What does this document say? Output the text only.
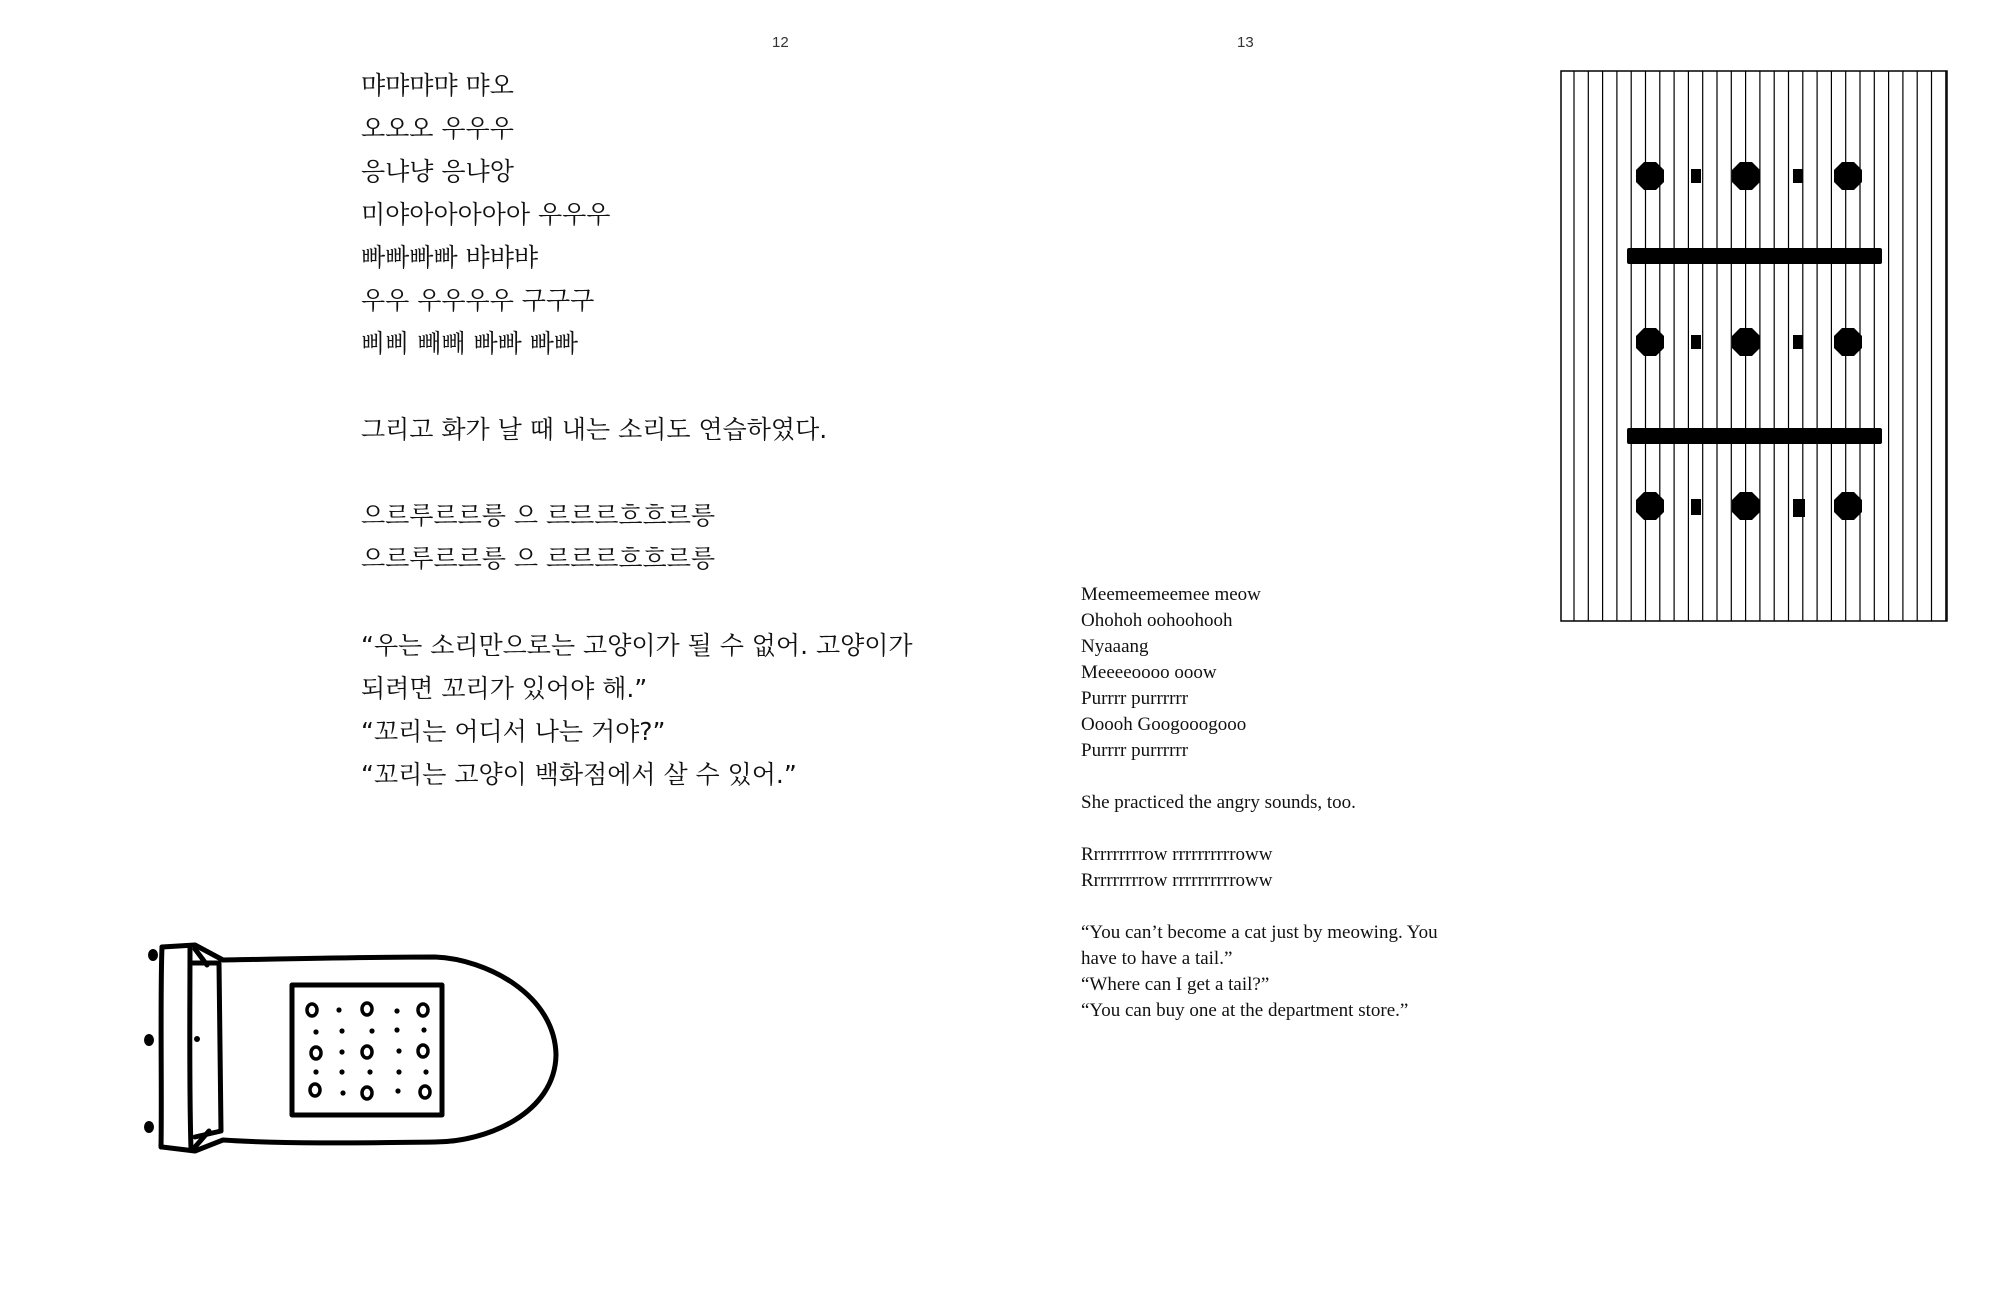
12	13
먀먀먀먀 먀오
오오오 우우우
응냐냥 응냐앙
미야아아아아아 우우우
빠빠빠빠 뱌뱌뱌
우우 우우우우 구구구
삐삐 빼빼 빠빠 빠빠
그리고 화가 날 때 내는 소리도 연습하였다.
으르루르르릉 으 르르르흐흐르릉
으르루르르릉 으 르르르흐흐르릉
“우는 소리만으로는 고양이가 될 수 없어. 고양이가
되려면 꼬리가 있어야 해.”
“꼬리는 어디서 나는 거야?”
“꼬리는 고양이 백화점에서 살 수 있어.”
Meemeemeemee meow
Ohohoh oohoohooh
Nyaaang
Meeeeoooo ooow
Purrrr purrrrrr
Ooooh Googooogooo
Purrrr purrrrrr
She practiced the angry sounds, too.
Rrrrrrrrrow rrrrrrrrrroww
Rrrrrrrrrow rrrrrrrrrroww
“You can’t become a cat just by meowing. You
have to have a tail.”
“Where can I get a tail?”
“You can buy one at the department store.”
